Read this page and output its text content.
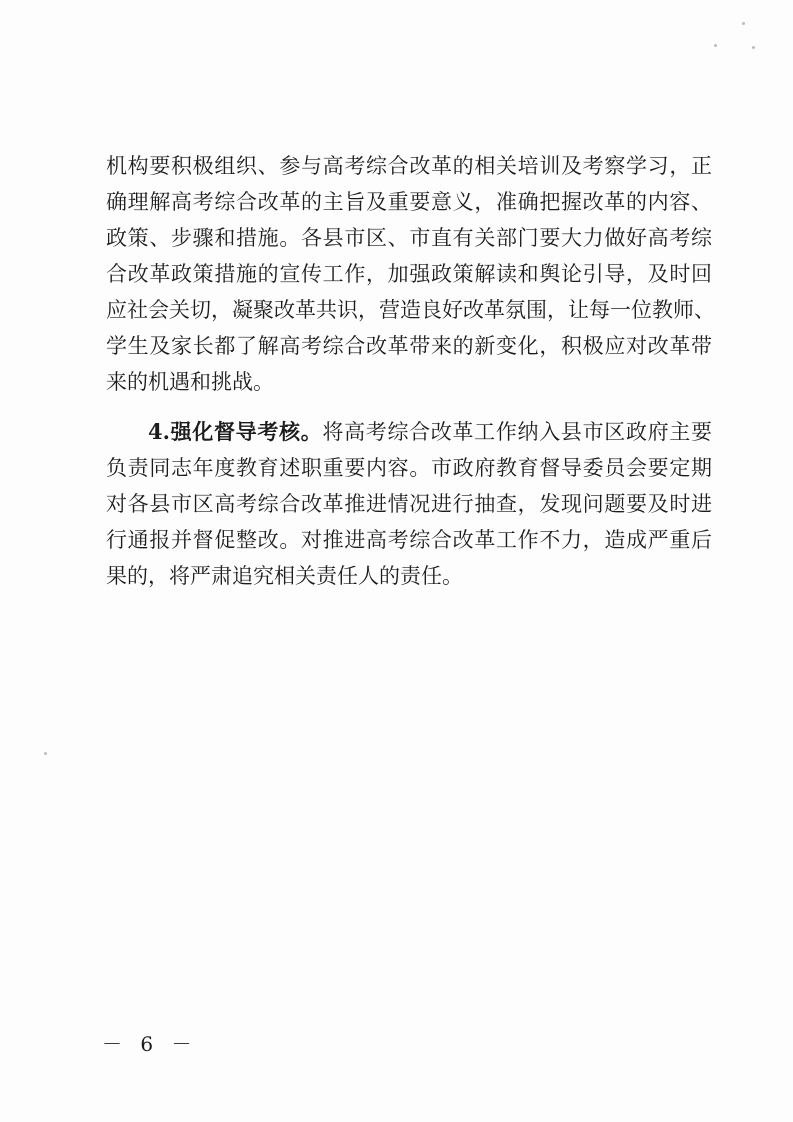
机构要积极组织、参与高考综合改革的相关培训及考察学习，正
确理解高考综合改革的主旨及重要意义，准确把握改革的内容、
政策、步骤和措施。各县市区、市直有关部门要大力做好高考综
合改革政策措施的宣传工作，加强政策解读和舆论引导，及时回
应社会关切，凝聚改革共识，营造良好改革氛围，让每一位教师、
学生及家长都了解高考综合改革带来的新变化，积极应对改革带
来的机遇和挑战。
4.强化督导考核。将高考综合改革工作纳入县市区政府主要
负责同志年度教育述职重要内容。市政府教育督导委员会要定期
对各县市区高考综合改革推进情况进行抽查，发现问题要及时进
行通报并督促整改。对推进高考综合改革工作不力，造成严重后
果的，将严肃追究相关责任人的责任。
－ 6 －
